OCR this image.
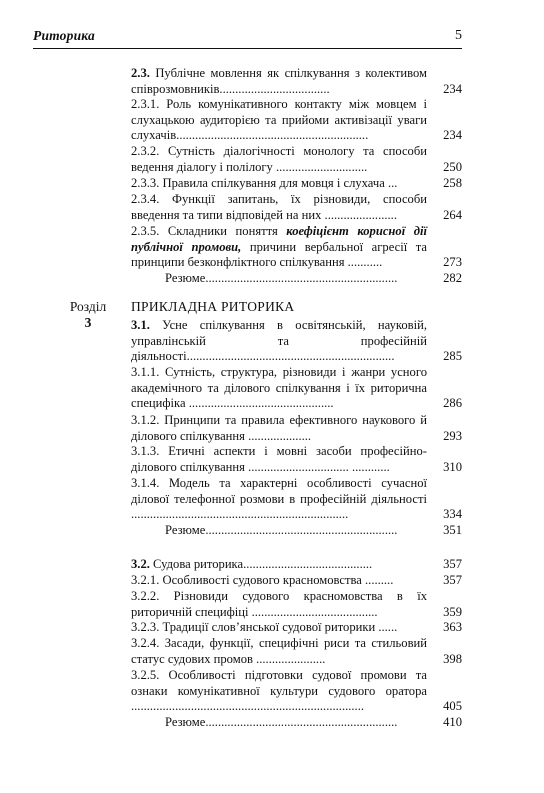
Риторика	5
Розділ
3
ПРИКЛАДНА РИТОРИКА
2.3. Публічне мовлення як спілкування з колективом співрозмовників...................................	234
2.3.1. Роль комунікативного контакту між мовцем і слухацькою аудиторією та прийоми активізації уваги слухачів.............................................................	234
2.3.2. Сутність діалогічності монологу та способи ведення діалогу і полілогу .............................	250
2.3.3. Правила спілкування для мовця і слухача ...	258
2.3.4. Функції запитань, їх різновиди, способи введення та типи відповідей на них .......................	264
2.3.5. Складники поняття коефіцієнт корисної дії публічної промови, причини вербальної агресії та принципи безконфліктного спілкування ...........	273
Резюме.............................................................	282
3.1. Усне спілкування в освітянській, науковій, управлінській та професійній діяльності..................................................................	285
3.1.1. Сутність, структура, різновиди і жанри усного академічного та ділового спілкування і їх риторична специфіка ..............................................	286
3.1.2. Принципи та правила ефективного наукового й ділового спілкування ....................	293
3.1.3. Етичні аспекти і мовні засоби професійно-ділового спілкування ................................ ............	310
3.1.4. Модель та характерні особливості сучасної ділової телефонної розмови в професійній діяльності .....................................................................	334
Резюме.............................................................	351
3.2. Судова риторика.........................................	357
3.2.1. Особливості судового красномовства .........	357
3.2.2. Різновиди судового красномовства в їх риторичній специфіці ........................................	359
3.2.3. Традиції слов’янської судової риторики ......	363
3.2.4. Засади, функції, специфічні риси та стильовий статус судових промов ......................	398
3.2.5. Особливості підготовки судової промови та ознаки комунікативної культури судового оратора ..........................................................................	405
Резюме.............................................................	410
